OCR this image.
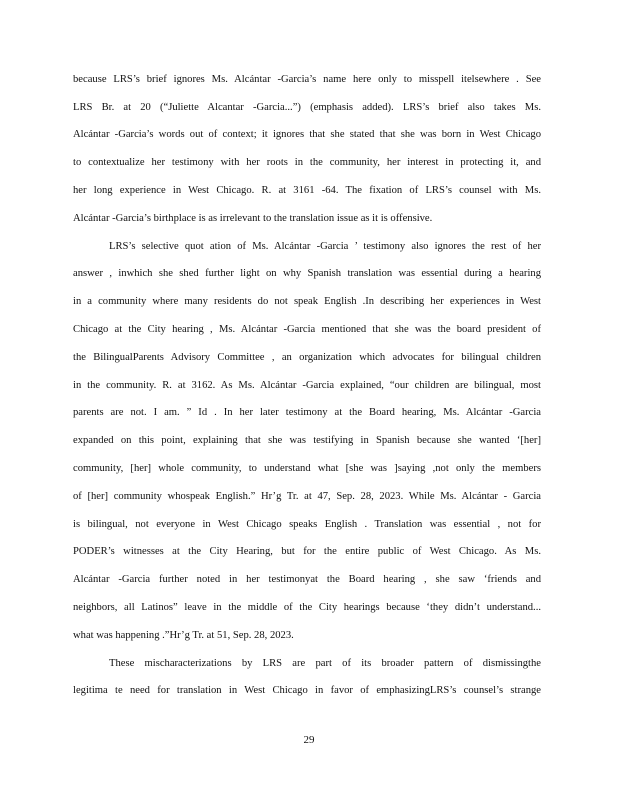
because LRS’s brief ignores Ms. Alcántar -Garcia’s name here only to misspell itelsewhere . See
LRS Br. at 20 (“Juliette Alcantar -Garcia...”) (emphasis added). LRS’s brief also takes Ms.
Alcántar -Garcia’s words out of context; it ignores that she stated that she was born in West Chicago
to contextualize her testimony with her roots in the community, her interest in protecting it, and
her long experience in West Chicago. R. at 3161 -64. The fixation of LRS’s counsel with Ms.
Alcántar -Garcia’s birthplace is as irrelevant to the translation issue as it is offensive.
LRS’s selective quot ation of Ms. Alcántar -Garcia ’ testimony also ignores the rest of her
answer , inwhich she shed further light on why Spanish translation was essential during a hearing
in a community where many residents do not speak English .In describing her experiences in West
Chicago at the City hearing , Ms. Alcántar -Garcia mentioned that she was the board president of
the BilingualParents Advisory Committee , an organization which advocates for bilingual children
in the community. R. at 3162. As Ms. Alcántar -Garcia explained, “our children are bilingual, most
parents are not. I am. ” Id . In her later testimony at the Board hearing, Ms. Alcántar -Garcia
expanded on this point, explaining that she was testifying in Spanish because she wanted ‘[her]
community, [her] whole community, to understand what [she was ]saying ,not only the members
of [her] community whospeak English.” Hr’g Tr. at 47, Sep. 28, 2023. While Ms. Alcántar - Garcia
is bilingual, not everyone in West Chicago speaks English . Translation was essential , not for
PODER’s witnesses at the City Hearing, but for the entire public of West Chicago. As Ms.
Alcántar -Garcia further noted in her testimonyat the Board hearing , she saw ‘friends and
neighbors, all Latinos” leave in the middle of the City hearings because ‘they didn’t understand...
what was happening .”Hr’g Tr. at 51, Sep. 28, 2023.
These mischaracterizations by LRS are part of its broader pattern of dismissingthe
legitima te need for translation in West Chicago in favor of emphasizingLRS’s counsel’s strange
29
